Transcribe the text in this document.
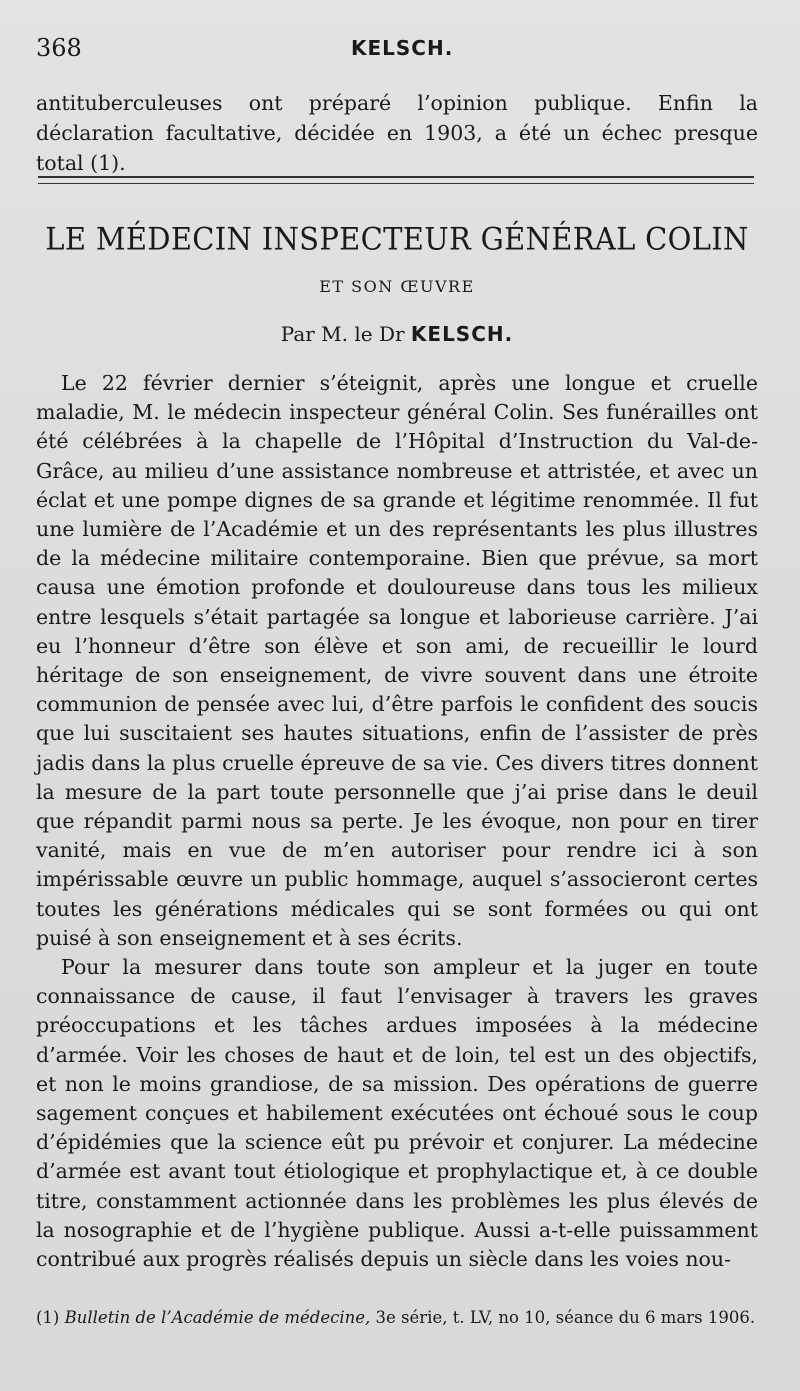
368	KELSCH.
antituberculeuses ont préparé l’opinion publique. Enfin la déclaration facultative, décidée en 1903, a été un échec presque total (1).
LE MÉDECIN INSPECTEUR GÉNÉRAL COLIN
ET SON ŒUVRE
Par M. le Dr KELSCH.

Le 22 février dernier s’éteignit, après une longue et cruelle maladie, M. le médecin inspecteur général Colin. Ses funérailles ont été célébrées à la chapelle de l’Hôpital d’Instruction du Val-de-Grâce, au milieu d’une assistance nombreuse et attristée, et avec un éclat et une pompe dignes de sa grande et légitime renommée. Il fut une lumière de l’Académie et un des représentants les plus illustres de la médecine militaire contemporaine. Bien que prévue, sa mort causa une émotion profonde et douloureuse dans tous les milieux entre lesquels s’était partagée sa longue et laborieuse carrière. J’ai eu l’honneur d’être son élève et son ami, de recueillir le lourd héritage de son enseignement, de vivre souvent dans une étroite communion de pensée avec lui, d’être parfois le confident des soucis que lui suscitaient ses hautes situations, enfin de l’assister de près jadis dans la plus cruelle épreuve de sa vie. Ces divers titres donnent la mesure de la part toute personnelle que j’ai prise dans le deuil que répandit parmi nous sa perte. Je les évoque, non pour en tirer vanité, mais en vue de m’en autoriser pour rendre ici à son impérissable œuvre un public hommage, auquel s’associeront certes toutes les générations médicales qui se sont formées ou qui ont puisé à son enseignement et à ses écrits.

Pour la mesurer dans toute son ampleur et la juger en toute connaissance de cause, il faut l’envisager à travers les graves préoccupations et les tâches ardues imposées à la médecine d’armée. Voir les choses de haut et de loin, tel est un des objectifs, et non le moins grandiose, de sa mission. Des opérations de guerre sagement conçues et habilement exécutées ont échoué sous le coup d’épidémies que la science eût pu prévoir et conjurer. La médecine d’armée est avant tout étiologique et prophylactique et, à ce double titre, constamment actionnée dans les problèmes les plus élevés de la nosographie et de l’hygiène publique. Aussi a-t-elle puissamment contribué aux progrès réalisés depuis un siècle dans les voies nou-

(1) Bulletin de l’Académie de médecine, 3e série, t. LV, no 10, séance du 6 mars 1906.
